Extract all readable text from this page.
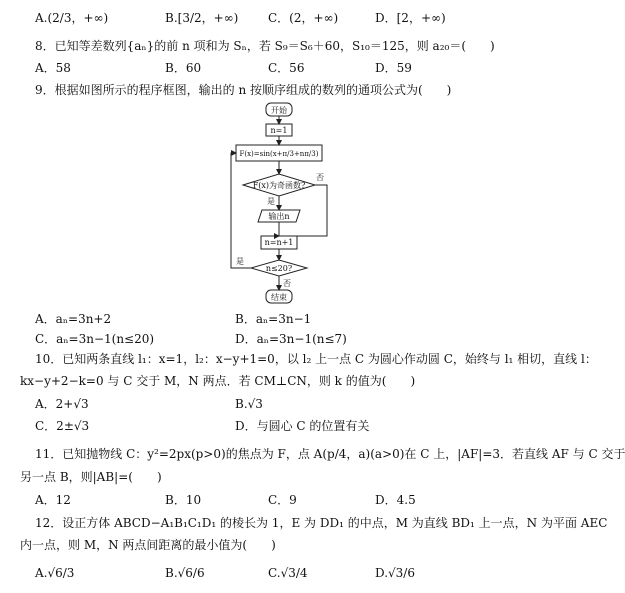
A.(2/3，+∞)	B.[3/2，+∞) C．(2，+∞)	D．[2，+∞)
8．已知等差数列{aₙ}的前 n 项和为 Sₙ，若 S₉＝S₆＋60，S₁₀＝125，则 a₂₀＝(　　)
A．58	B．60	C．56	D．59
9．根据如图所示的程序框图，输出的 n 按顺序组成的数列的通项公式为(　　)
开始
n=1
F(x)=sin(x+π/3+nπ/3)
F(x)为奇函数?
否
是
输出n
n=n+1
n≤20?
是
否
结束
A．aₙ=3n+2	B．aₙ=3n−1
C．aₙ=3n−1(n≤20)	D．aₙ=3n−1(n≤7)
10．已知两条直线 l₁：x=1，l₂：x−y+1=0，以 l₂ 上一点 C 为圆心作动圆 C，始终与 l₁ 相切，直线 l：
kx−y+2−k=0 与 C 交于 M，N 两点．若 CM⊥CN，则 k 的值为(　　)
A．2+√3	B.√3
C．2±√3	D．与圆心 C 的位置有关
11．已知抛物线 C：y²=2px(p>0)的焦点为 F，点 A(p/4，a)(a>0)在 C 上，|AF|=3．若直线 AF 与 C 交于
另一点 B，则|AB|=(　　)
A．12	B．10	C．9	D．4.5
12．设正方体 ABCD−A₁B₁C₁D₁ 的棱长为 1，E 为 DD₁ 的中点，M 为直线 BD₁ 上一点，N 为平面 AEC
内一点，则 M，N 两点间距离的最小值为(　　)
A.√6/3	B.√6/6	C.√3/4	D.√3/6
